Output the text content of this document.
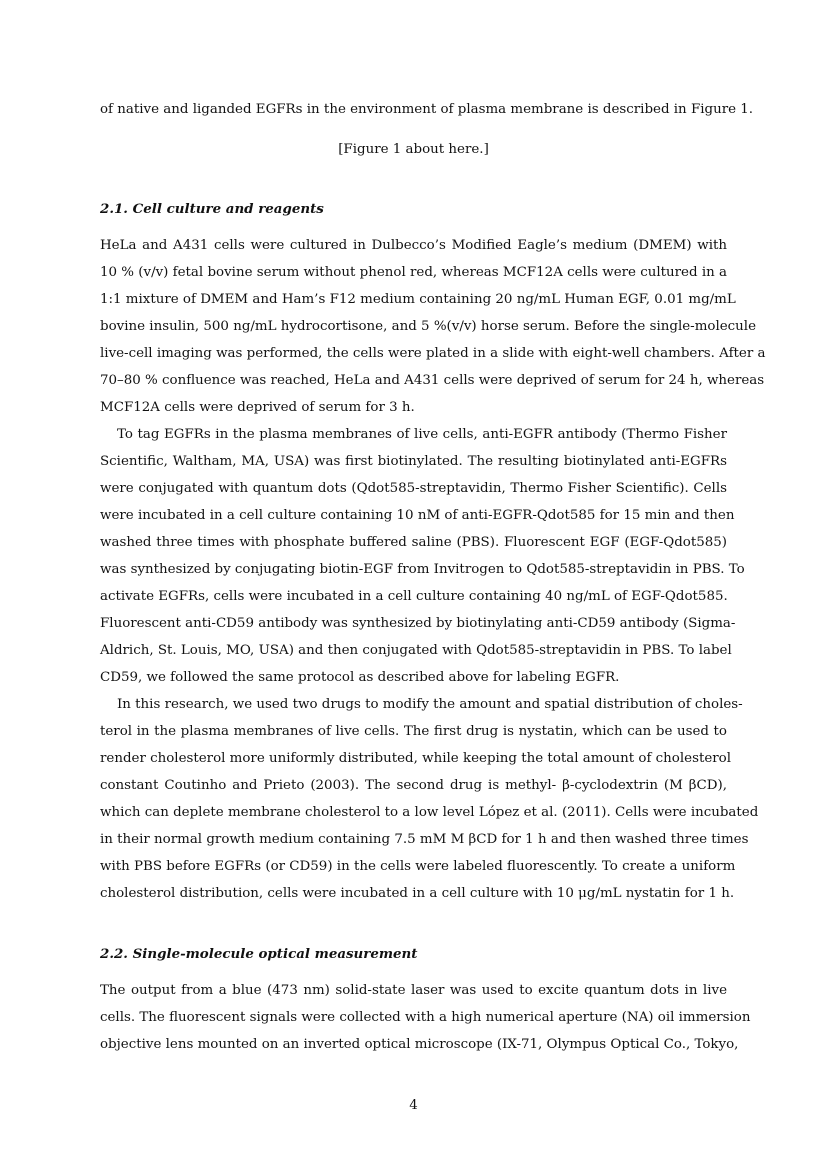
of native and liganded EGFRs in the environment of plasma membrane is described in Figure 1.
[Figure 1 about here.]
2.1. Cell culture and reagents
HeLa and A431 cells were cultured in Dulbecco’s Modified Eagle’s medium (DMEM) with
10 % (v/v) fetal bovine serum without phenol red, whereas MCF12A cells were cultured in a
1:1 mixture of DMEM and Ham’s F12 medium containing 20 ng/mL Human EGF, 0.01 mg/mL
bovine insulin, 500 ng/mL hydrocortisone, and 5 %(v/v) horse serum. Before the single-molecule
live-cell imaging was performed, the cells were plated in a slide with eight-well chambers. After a
70–80 % confluence was reached, HeLa and A431 cells were deprived of serum for 24 h, whereas
MCF12A cells were deprived of serum for 3 h.
To tag EGFRs in the plasma membranes of live cells, anti-EGFR antibody (Thermo Fisher
Scientific, Waltham, MA, USA) was first biotinylated. The resulting biotinylated anti-EGFRs
were conjugated with quantum dots (Qdot585-streptavidin, Thermo Fisher Scientific). Cells
were incubated in a cell culture containing 10 nM of anti-EGFR-Qdot585 for 15 min and then
washed three times with phosphate buffered saline (PBS). Fluorescent EGF (EGF-Qdot585)
was synthesized by conjugating biotin-EGF from Invitrogen to Qdot585-streptavidin in PBS. To
activate EGFRs, cells were incubated in a cell culture containing 40 ng/mL of EGF-Qdot585.
Fluorescent anti-CD59 antibody was synthesized by biotinylating anti-CD59 antibody (Sigma-
Aldrich, St. Louis, MO, USA) and then conjugated with Qdot585-streptavidin in PBS. To label
CD59, we followed the same protocol as described above for labeling EGFR.
In this research, we used two drugs to modify the amount and spatial distribution of choles-
terol in the plasma membranes of live cells. The first drug is nystatin, which can be used to
render cholesterol more uniformly distributed, while keeping the total amount of cholesterol
constant Coutinho and Prieto (2003). The second drug is methyl- β-cyclodextrin (M βCD),
which can deplete membrane cholesterol to a low level López et al. (2011). Cells were incubated
in their normal growth medium containing 7.5 mM M βCD for 1 h and then washed three times
with PBS before EGFRs (or CD59) in the cells were labeled fluorescently. To create a uniform
cholesterol distribution, cells were incubated in a cell culture with 10 μg/mL nystatin for 1 h.
2.2. Single-molecule optical measurement
The output from a blue (473 nm) solid-state laser was used to excite quantum dots in live
cells. The fluorescent signals were collected with a high numerical aperture (NA) oil immersion
objective lens mounted on an inverted optical microscope (IX-71, Olympus Optical Co., Tokyo,
4
